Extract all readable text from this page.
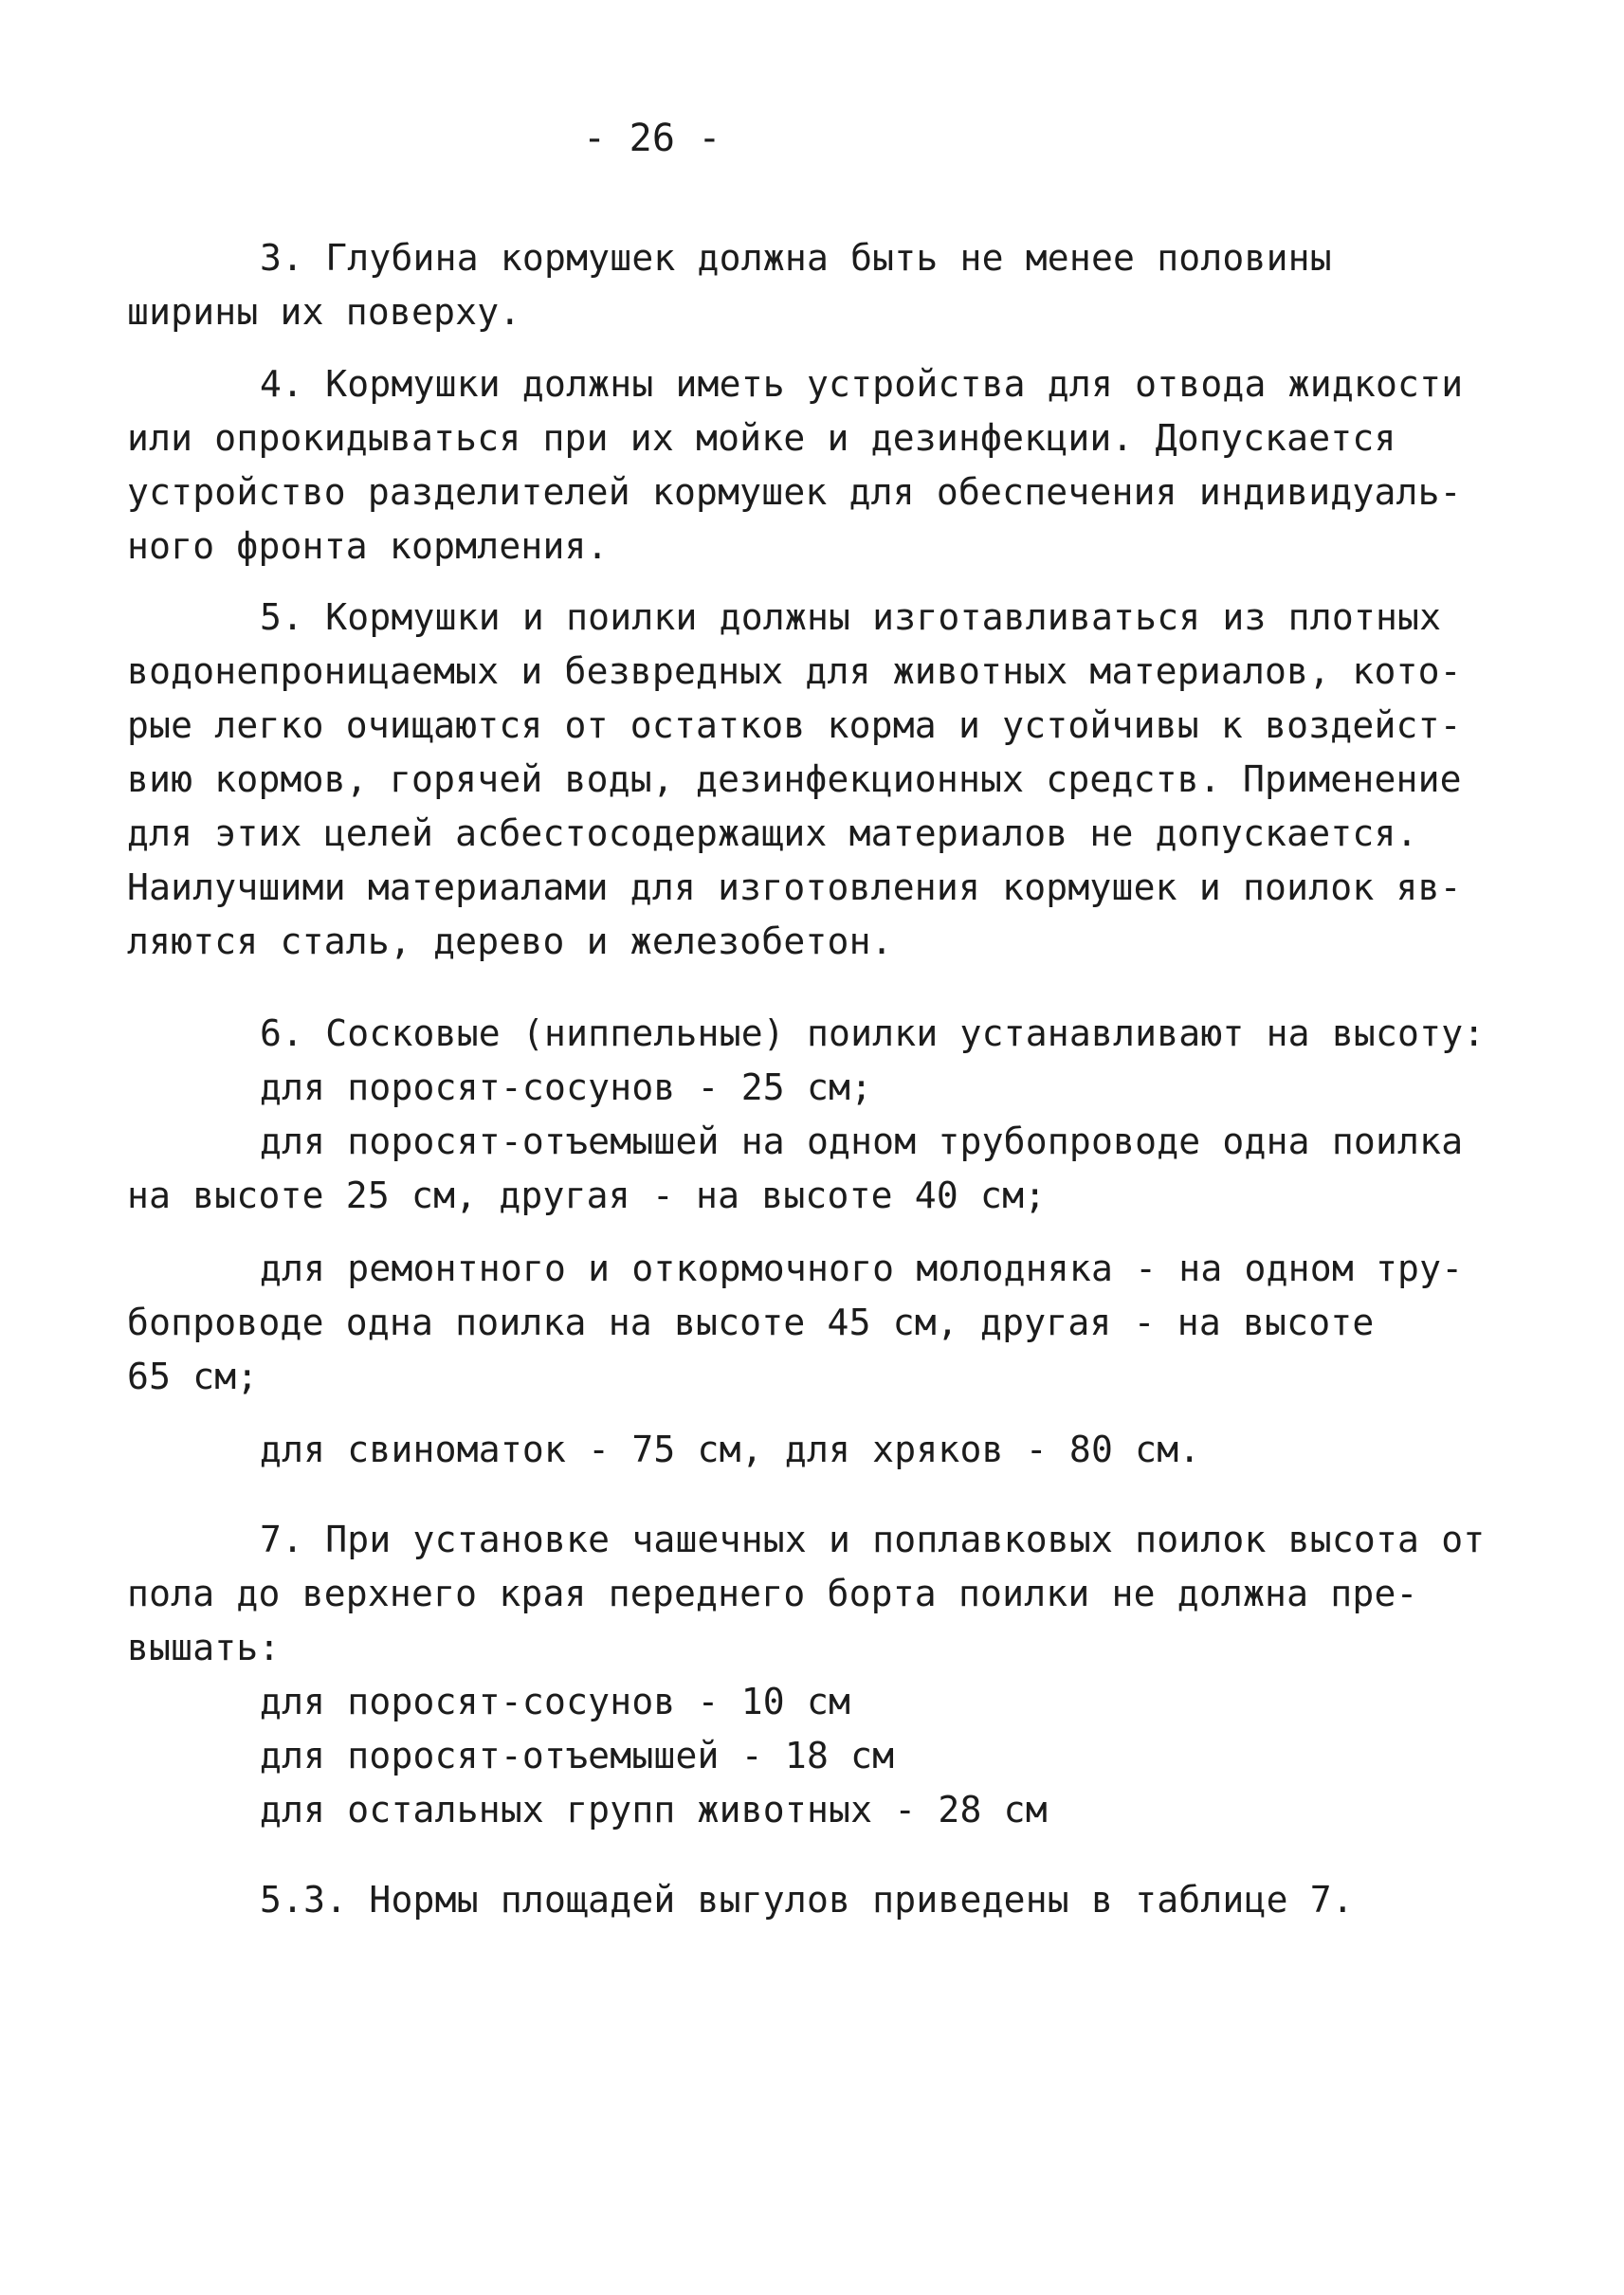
- 26 -
3. Глубина кормушек должна быть не менее половины
ширины их поверху.
4. Кормушки должны иметь устройства для отвода жидкости
или опрокидываться при их мойке и дезинфекции. Допускается
устройство разделителей кормушек для обеспечения индивидуаль-
ного фронта кормления.
5. Кормушки и поилки должны изготавливаться из плотных
водонепроницаемых и безвредных для животных материалов, кото-
рые легко очищаются от остатков корма и устойчивы к воздейст-
вию кормов, горячей воды, дезинфекционных средств. Применение
для этих целей асбестосодержащих материалов не допускается.
Наилучшими материалами для изготовления кормушек и поилок яв-
ляются сталь, дерево и железобетон.
6. Сосковые (ниппельные) поилки устанавливают на высоту:
для поросят-сосунов - 25 см;
для поросят-отъемышей на одном трубопроводе одна поилка
на высоте 25 см, другая - на высоте 40 см;
для ремонтного и откормочного молодняка - на одном тру-
бопроводе одна поилка на высоте 45 см, другая - на высоте
65 см;
для свиноматок - 75 см, для хряков - 80 см.
7. При установке чашечных и поплавковых поилок высота от
пола до верхнего края переднего борта поилки не должна пре-
вышать:
для поросят-сосунов - 10 см
для поросят-отъемышей - 18 см
для остальных групп животных - 28 см
5.3. Нормы площадей выгулов приведены в таблице 7.
